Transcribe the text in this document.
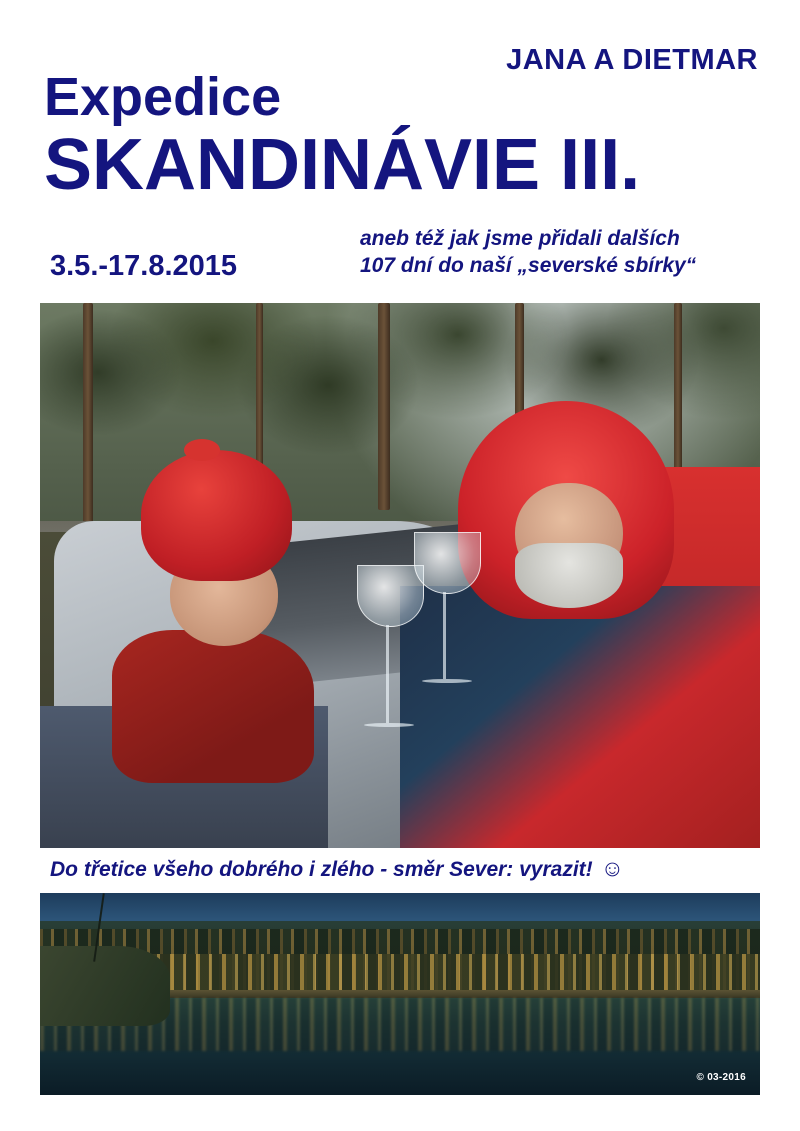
JANA A DIETMAR
Expedice
SKANDINÁVIE III.
3.5.-17.8.2015
aneb též jak jsme přidali dalších
107 dní do naší „severské sbírky“
Do třetice všeho dobrého i zlého - směr Sever: vyrazit! ☺
© 03-2016
